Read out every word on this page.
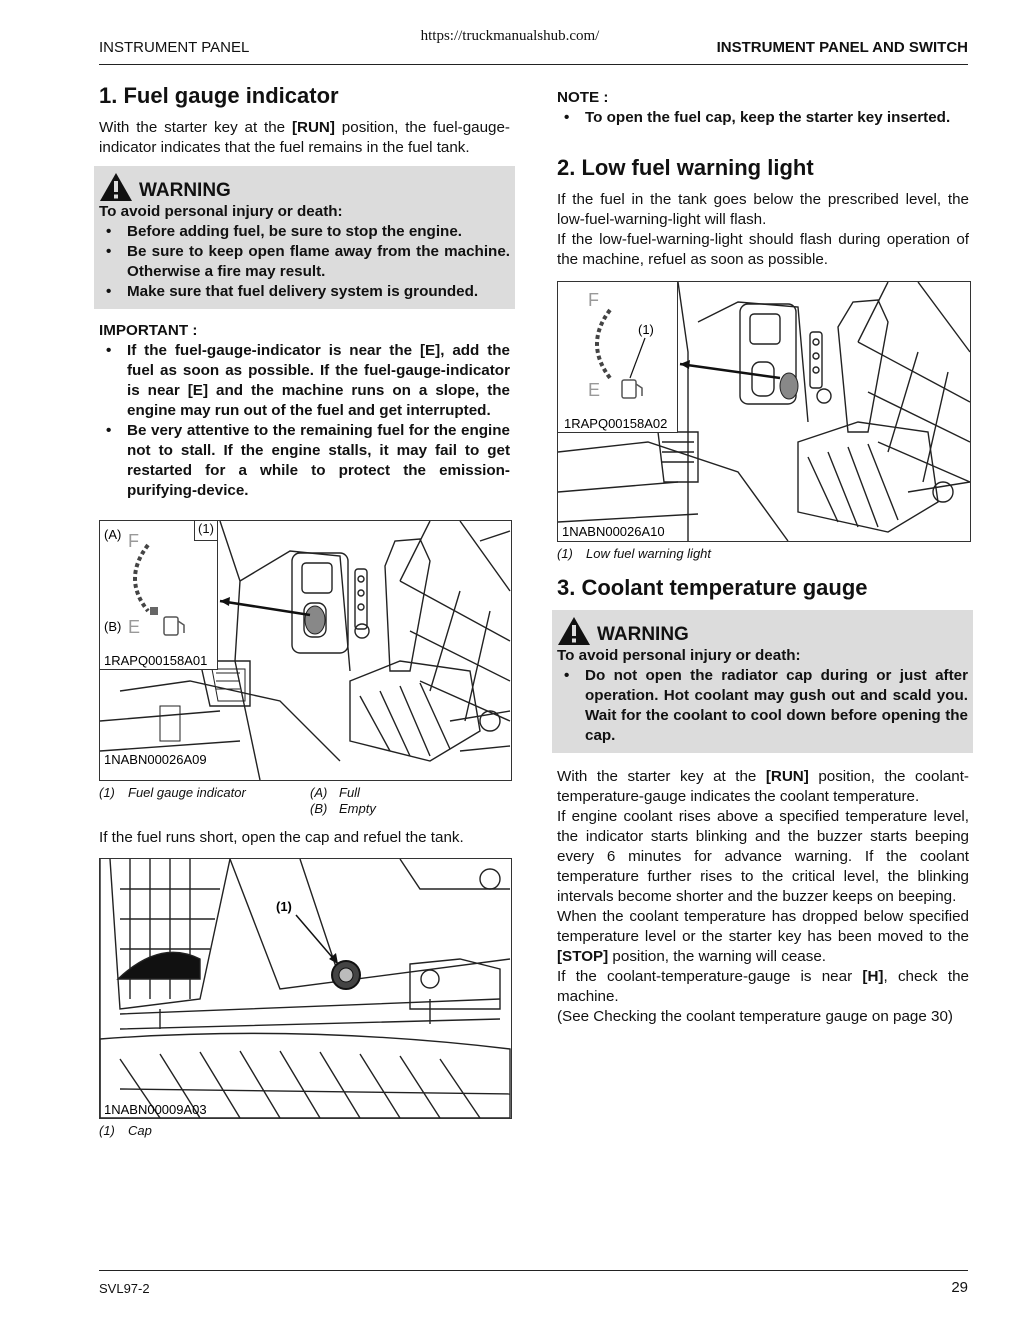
https://truckmanualshub.com/
INSTRUMENT PANEL	INSTRUMENT PANEL AND SWITCH
1. Fuel gauge indicator

With the starter key at the [RUN] position, the fuel-gauge-indicator indicates that the fuel remains in the fuel tank.

WARNING
To avoid personal injury or death:
• Before adding fuel, be sure to stop the engine.
• Be sure to keep open flame away from the machine. Otherwise a fire may result.
• Make sure that fuel delivery system is grounded.
IMPORTANT :
• If the fuel-gauge-indicator is near the [E], add the fuel as soon as possible. If the fuel-gauge-indicator is near [E] and the machine runs on a slope, the engine may run out of the fuel and get interrupted.
• Be very attentive to the remaining fuel for the engine not to stall. If the engine stalls, it may fail to get restarted for a while to protect the emission-purifying-device.
1NABN00026A09
F
E
(A)
(B)
1RAPQ00158A01
(1)
(1)	Fuel gauge indicator	(A) Full
(B) Empty

If the fuel runs short, open the cap and refuel the tank.

(1)
1NABN00009A03
(1)	Cap
NOTE :
• To open the fuel cap, keep the starter key inserted.
2. Low fuel warning light

If the fuel in the tank goes below the prescribed level, the low-fuel-warning-light will flash.

If the low-fuel-warning-light should flash during operation of the machine, refuel as soon as possible.

1NABN00026A10
F
E
(1)
1RAPQ00158A02
(1)	Low fuel warning light
3. Coolant temperature gauge
WARNING
To avoid personal injury or death:
• Do not open the radiator cap during or just after operation. Hot coolant may gush out and scald you. Wait for the coolant to cool down before opening the cap.

With the starter key at the [RUN] position, the coolant-temperature-gauge indicates the coolant temperature.

If engine coolant rises above a specified temperature level, the indicator starts blinking and the buzzer starts beeping every 6 minutes for advance warning. If the coolant temperature further rises to the critical level, the blinking intervals become shorter and the buzzer keeps on beeping.

When the coolant temperature has dropped below specified temperature level or the starter key has been moved to the [STOP] position, the warning will cease.

If the coolant-temperature-gauge is near [H], check the machine.

(See Checking the coolant temperature gauge on page 30)

SVL97-2	29
